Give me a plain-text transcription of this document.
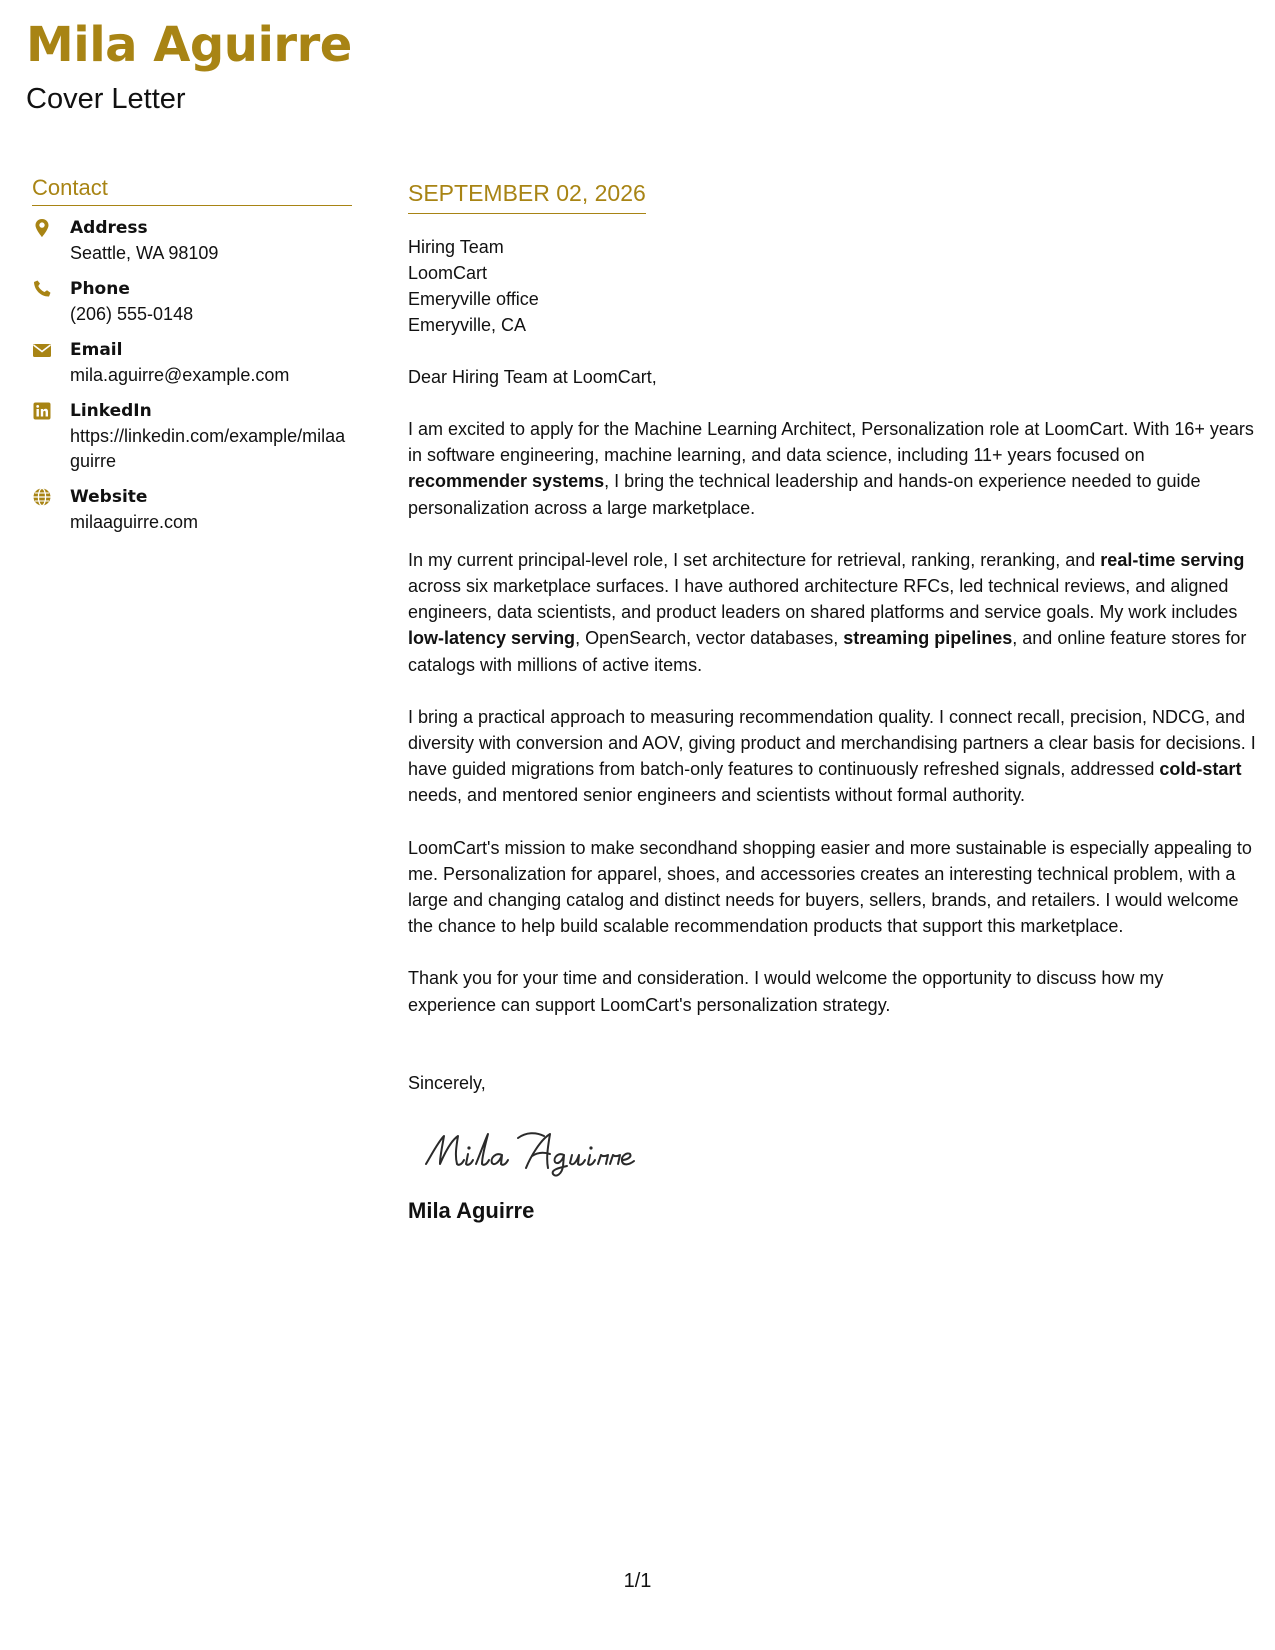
Mila Aguirre
Cover Letter
Contact
Address
Seattle, WA 98109
Phone
(206) 555-0148
Email
mila.aguirre@example.com
LinkedIn
https://linkedin.com/example/milaaguirre
Website
milaaguirre.com
SEPTEMBER 02, 2026
Hiring Team
LoomCart
Emeryville office
Emeryville, CA
Dear Hiring Team at LoomCart,
I am excited to apply for the Machine Learning Architect, Personalization role at LoomCart. With 16+ years in software engineering, machine learning, and data science, including 11+ years focused on recommender systems, I bring the technical leadership and hands-on experience needed to guide personalization across a large marketplace.
In my current principal-level role, I set architecture for retrieval, ranking, reranking, and real-time serving across six marketplace surfaces. I have authored architecture RFCs, led technical reviews, and aligned engineers, data scientists, and product leaders on shared platforms and service goals. My work includes low-latency serving, OpenSearch, vector databases, streaming pipelines, and online feature stores for catalogs with millions of active items.
I bring a practical approach to measuring recommendation quality. I connect recall, precision, NDCG, and diversity with conversion and AOV, giving product and merchandising partners a clear basis for decisions. I have guided migrations from batch-only features to continuously refreshed signals, addressed cold-start needs, and mentored senior engineers and scientists without formal authority.
LoomCart's mission to make secondhand shopping easier and more sustainable is especially appealing to me. Personalization for apparel, shoes, and accessories creates an interesting technical problem, with a large and changing catalog and distinct needs for buyers, sellers, brands, and retailers. I would welcome the chance to help build scalable recommendation products that support this marketplace.
Thank you for your time and consideration. I would welcome the opportunity to discuss how my experience can support LoomCart's personalization strategy.
Sincerely,
Mila Aguirre
1/1
